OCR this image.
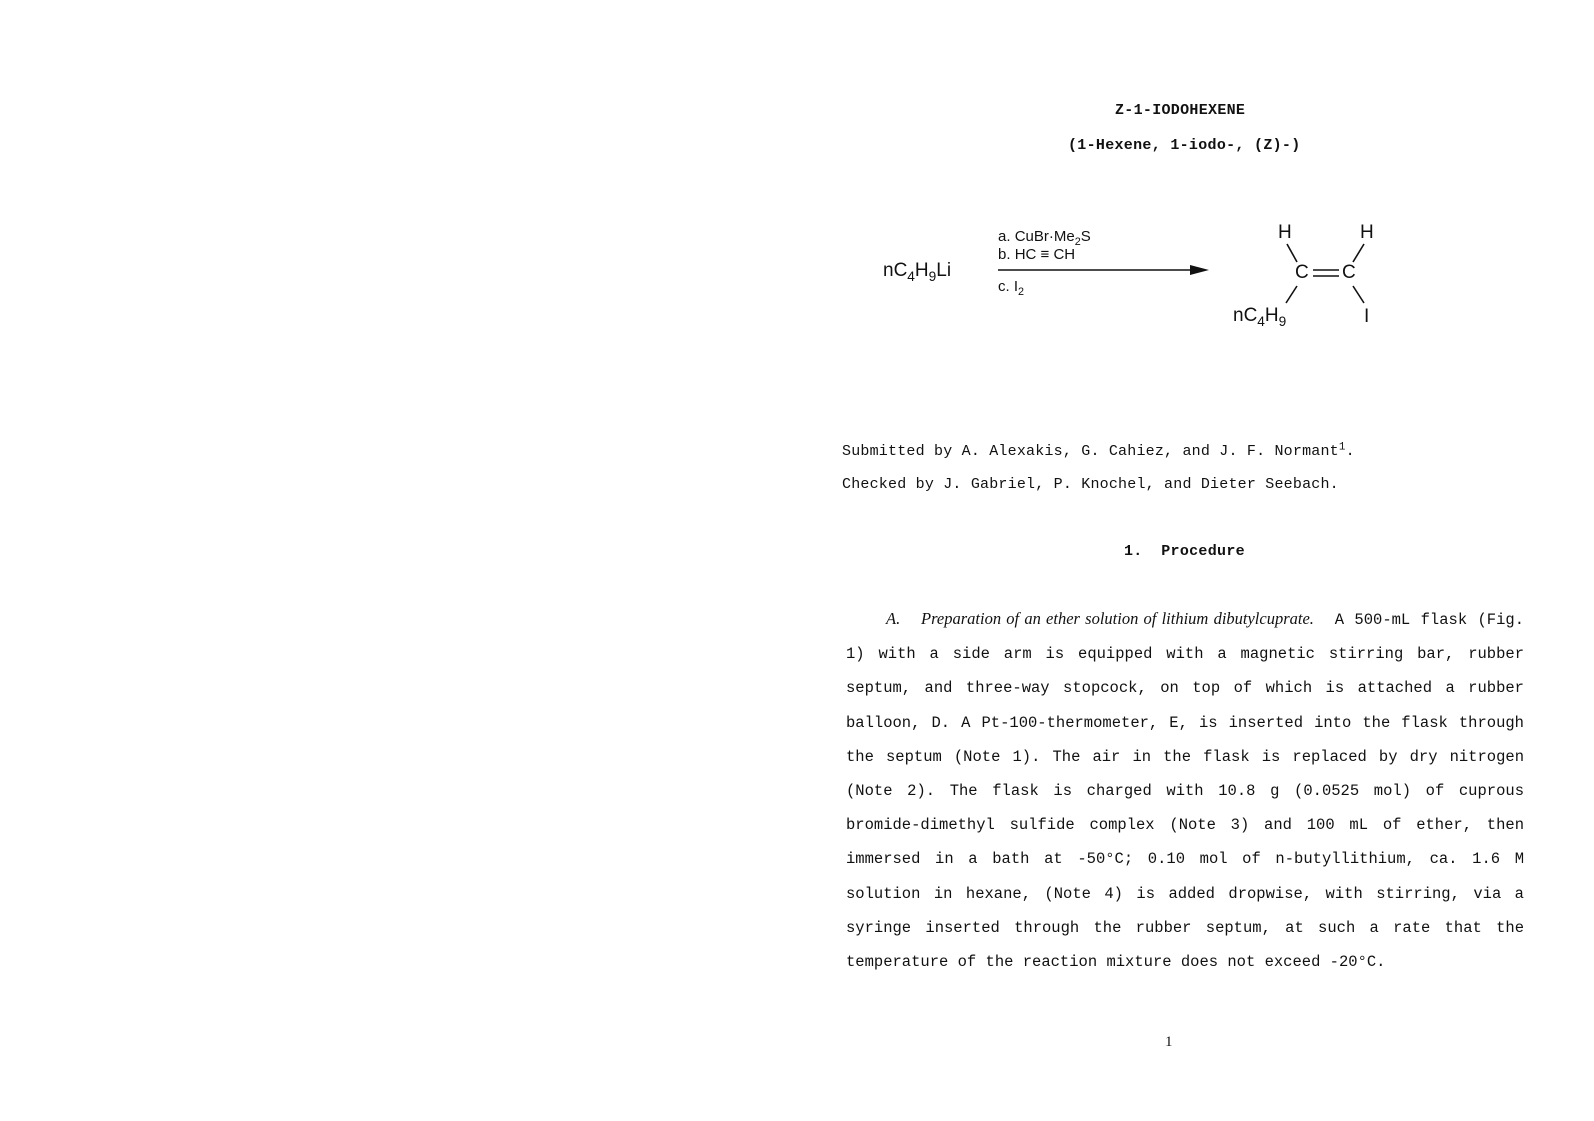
Z-1-IODOHEXENE
(1-Hexene, 1-iodo-, (Z)-)
$nC_4H_9Li$
a. $CuBr\cdot Me_2S$
b. HC ≡ CH
c. $I_2$
H	H
C C
$nC_4H_9$	I
Submitted by A. Alexakis, G. Cahiez, and J. F. Normant$^1$.
Checked by J. Gabriel, P. Knochel, and Dieter Seebach.
1. Procedure
A. Preparation of an ether solution of lithium dibutylcuprate. A 500-mL flask (Fig. 1) with a side arm is equipped with a magnetic stirring bar, rubber septum, and three-way stopcock, on top of which is attached a rubber balloon, D. A Pt-100-thermometer, E, is inserted into the flask through the septum (Note 1). The air in the flask is replaced by dry nitrogen (Note 2). The flask is charged with 10.8 g (0.0525 mol) of cuprous bromide-dimethyl sulfide complex (Note 3) and 100 mL of ether, then immersed in a bath at -50°C; 0.10 mol of n-butyllithium, ca. 1.6 M solution in hexane, (Note 4) is added dropwise, with stirring, via a syringe inserted through the rubber septum, at such a rate that the temperature of the reaction mixture does not exceed -20°C.
1
